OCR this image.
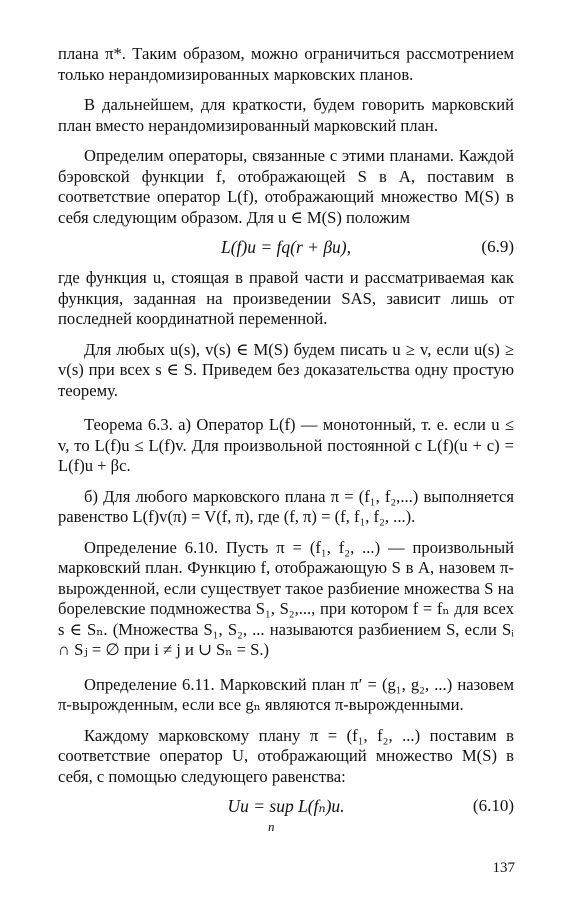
плана π*. Таким образом, можно ограничиться рассмотрением только нерандомизированных марковских планов.

В дальнейшем, для краткости, будем говорить марковский план вместо нерандомизированный марковский план.

Определим операторы, связанные с этими планами. Каждой бэровской функции f, отображающей S в A, поставим в соответствие оператор L(f), отображающий множество M(S) в себя следующим образом. Для u ∈ M(S) положим

L(f)u = fq(r + βu),	(6.9)

где функция u, стоящая в правой части и рассматриваемая как функция, заданная на произведении SAS, зависит лишь от последней координатной переменной.

Для любых u(s), v(s) ∈ M(S) будем писать u ≥ v, если u(s) ≥ v(s) при всех s ∈ S. Приведем без доказательства одну простую теорему.

Теорема 6.3. а) Оператор L(f) — монотонный, т. е. если u ≤ v, то L(f)u ≤ L(f)v. Для произвольной постоянной c L(f)(u + c) = L(f)u + βc.

б) Для любого марковского плана π = (f₁, f₂,...) выполняется равенство L(f)v(π) = V(f, π), где (f, π) = (f, f₁, f₂, ...).

Определение 6.10. Пусть π = (f₁, f₂, ...) — произвольный марковский план. Функцию f, отображающую S в A, назовем π-вырожденной, если существует такое разбиение множества S на борелевские подмножества S₁, S₂,..., при котором f = fₙ для всех s ∈ Sₙ. (Множества S₁, S₂, ... называются разбиением S, если Sᵢ ∩ Sⱼ = ∅ при i ≠ j и ∪ Sₙ = S.)

Определение 6.11. Марковский план π′ = (g₁, g₂, ...) назовем π-вырожденным, если все gₙ являются π-вырожденными.

Каждому марковскому плану π = (f₁, f₂, ...) поставим в соответствие оператор U, отображающий множество M(S) в себя, с помощью следующего равенства:

Uu = sup L(fₙ)u.
n
(6.10)
137
